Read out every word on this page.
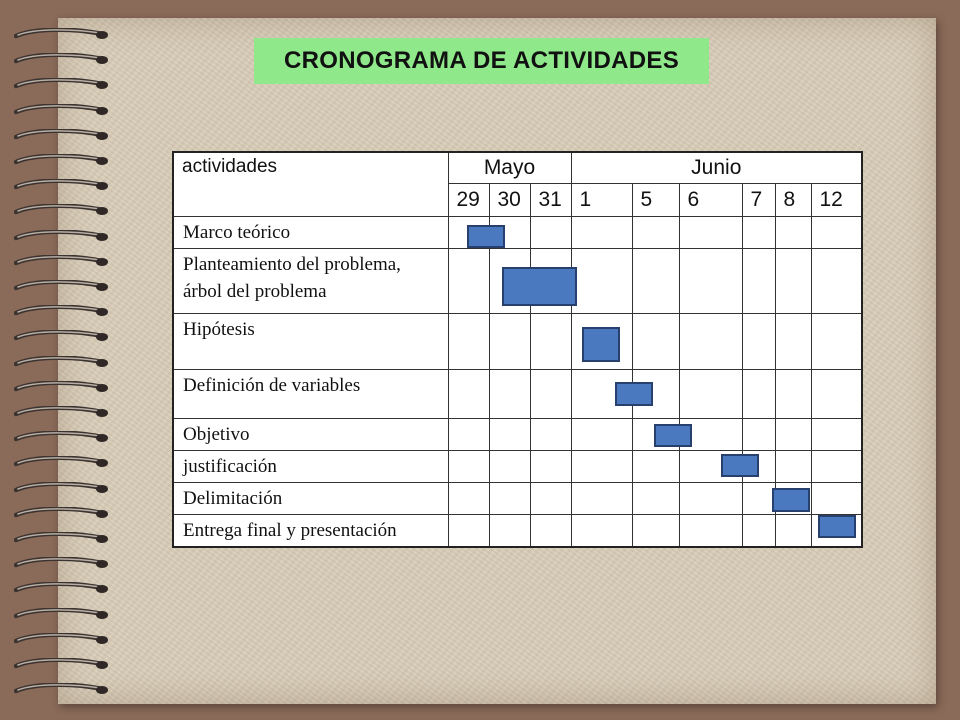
CRONOGRAMA DE ACTIVIDADES
actividades	Mayo			Junio					
	29	30	31	1	5	6	7	8	12

Marco teórico									

Planteamiento del problema,
árbol del problema									

Hipótesis									

Definición de variables									

Objetivo									

justificación									

Delimitación									

Entrega final y presentación									
